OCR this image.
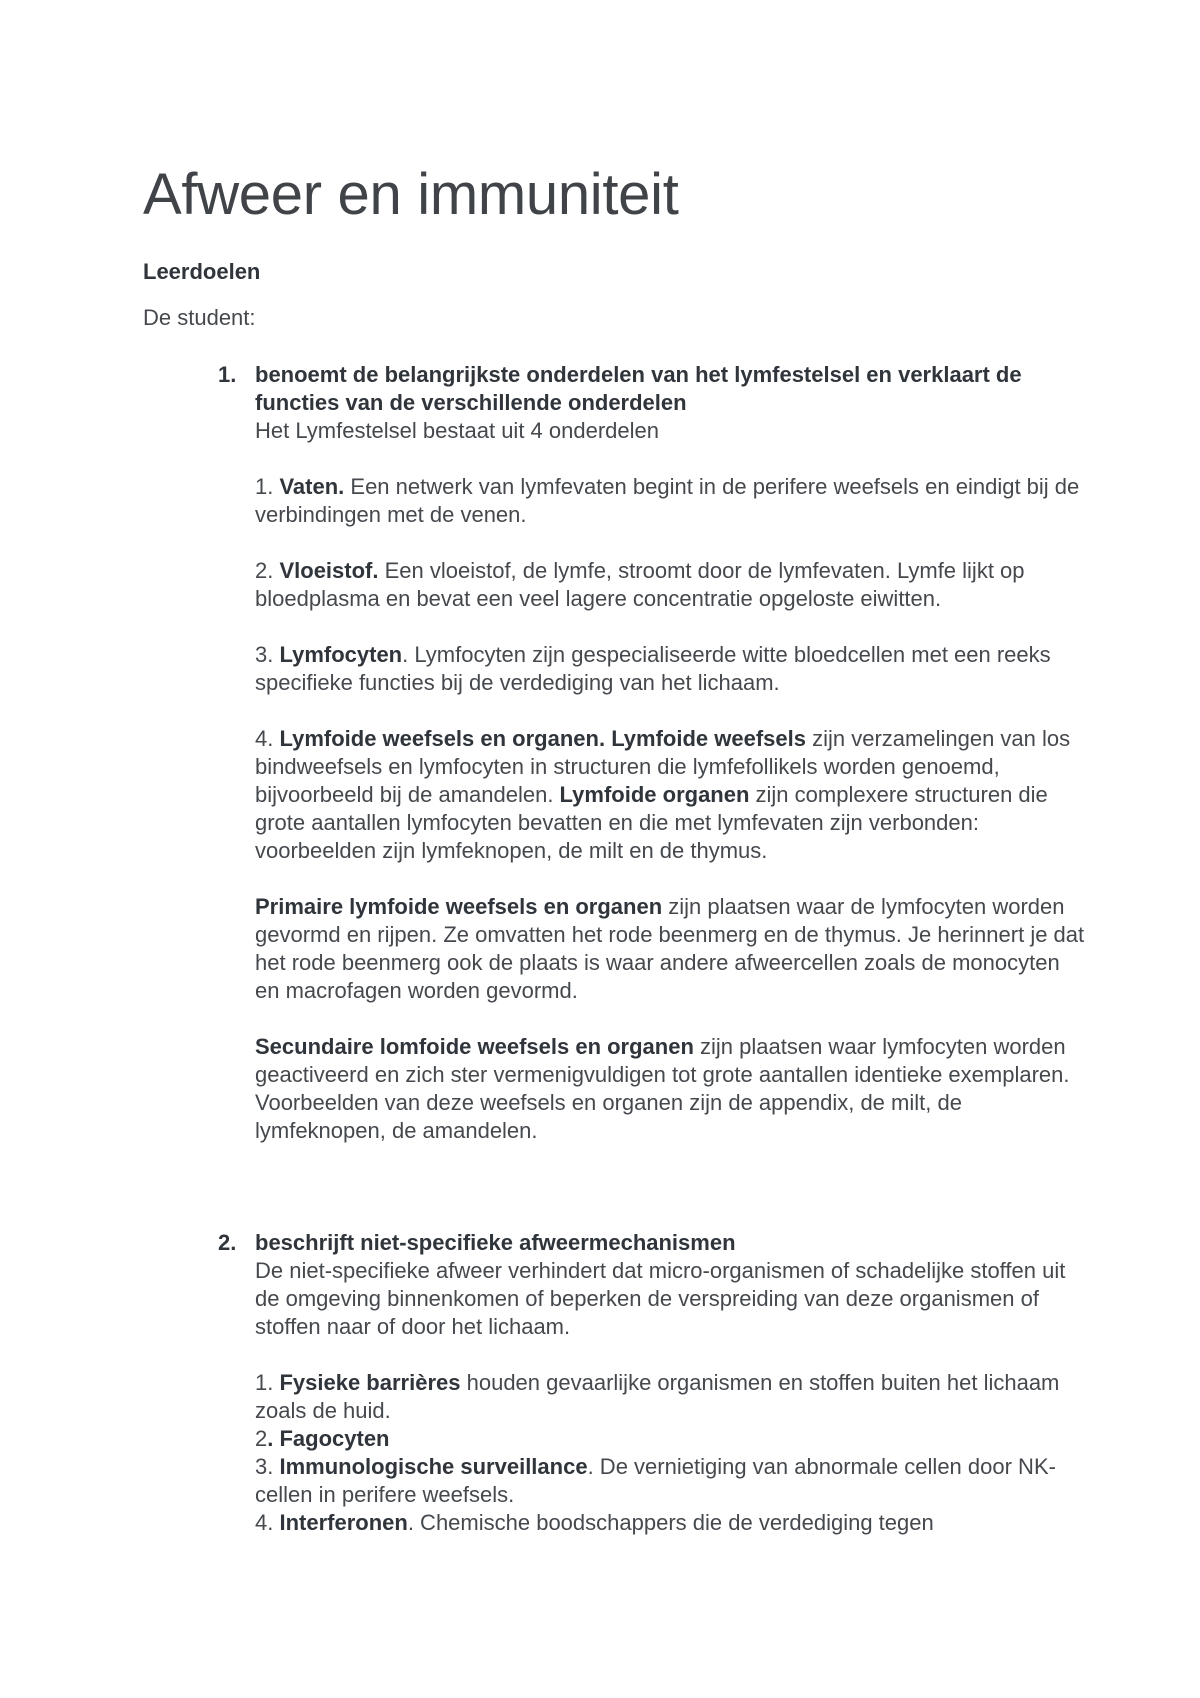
Afweer en immuniteit
Leerdoelen

De student:

1. benoemt de belangrijkste onderdelen van het lymfestelsel en verklaart de functies van de verschillende onderdelen

Het Lymfestelsel bestaat uit 4 onderdelen

1. Vaten. Een netwerk van lymfevaten begint in de perifere weefsels en eindigt bij de verbindingen met de venen.

2. Vloeistof. Een vloeistof, de lymfe, stroomt door de lymfevaten. Lymfe lijkt op bloedplasma en bevat een veel lagere concentratie opgeloste eiwitten.

3. Lymfocyten. Lymfocyten zijn gespecialiseerde witte bloedcellen met een reeks specifieke functies bij de verdediging van het lichaam.

4. Lymfoide weefsels en organen. Lymfoide weefsels zijn verzamelingen van los bindweefsels en lymfocyten in structuren die lymfefollikels worden genoemd, bijvoorbeeld bij de amandelen. Lymfoide organen zijn complexere structuren die grote aantallen lymfocyten bevatten en die met lymfevaten zijn verbonden: voorbeelden zijn lymfeknopen, de milt en de thymus.

Primaire lymfoide weefsels en organen zijn plaatsen waar de lymfocyten worden gevormd en rijpen. Ze omvatten het rode beenmerg en de thymus. Je herinnert je dat het rode beenmerg ook de plaats is waar andere afweercellen zoals de monocyten en macrofagen worden gevormd.

Secundaire lomfoide weefsels en organen zijn plaatsen waar lymfocyten worden geactiveerd en zich ster vermenigvuldigen tot grote aantallen identieke exemplaren. Voorbeelden van deze weefsels en organen zijn de appendix, de milt, de lymfeknopen, de amandelen.

2. beschrijft niet-specifieke afweermechanismen

De niet-specifieke afweer verhindert dat micro-organismen of schadelijke stoffen uit de omgeving binnenkomen of beperken de verspreiding van deze organismen of stoffen naar of door het lichaam.

1. Fysieke barrières houden gevaarlijke organismen en stoffen buiten het lichaam zoals de huid.

2. Fagocyten

3. Immunologische surveillance. De vernietiging van abnormale cellen door NK-cellen in perifere weefsels.

4. Interferonen. Chemische boodschappers die de verdediging tegen
